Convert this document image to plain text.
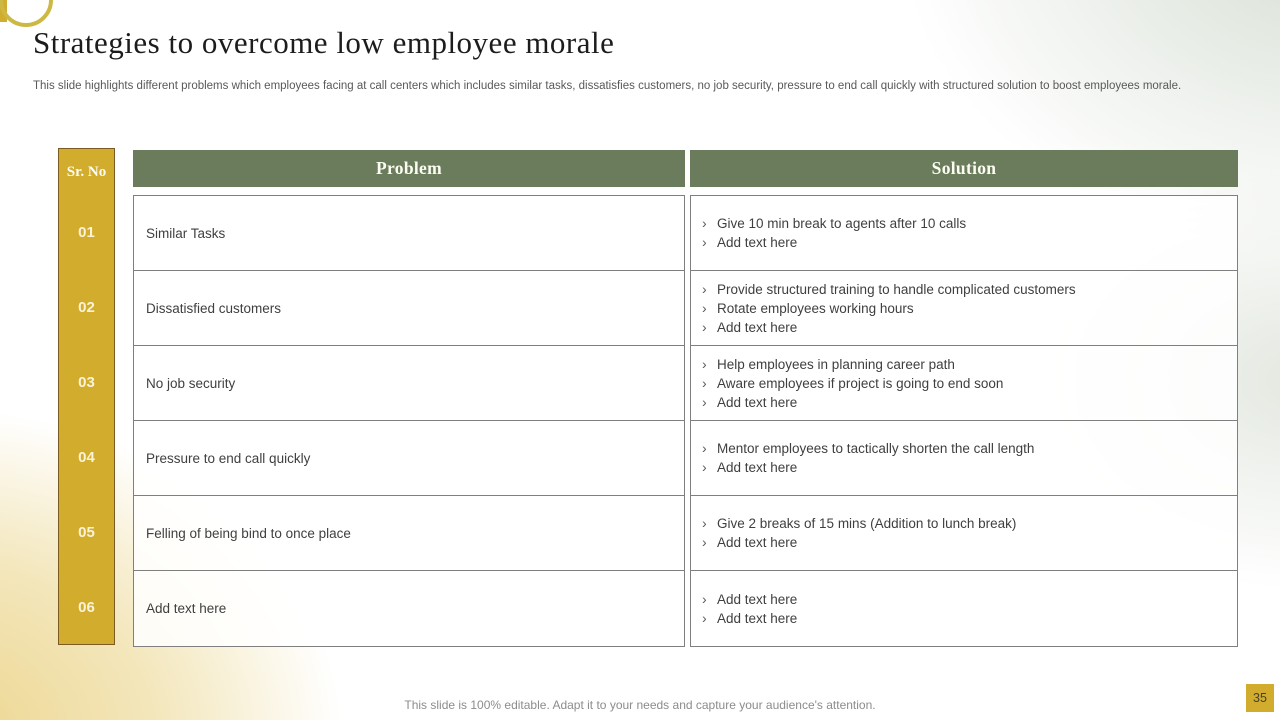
Strategies to overcome low employee morale

This slide highlights different problems which employees facing at call centers which includes similar tasks, dissatisfies customers, no job security, pressure to end call quickly with structured solution to boost employees morale.

Sr. No
01
02
03
04
05
06
Problem
Similar Tasks
Dissatisfied customers
No job security
Pressure to end call quickly
Felling of being bind to once place
Add text here
Solution
› Give 10 min break to agents after 10 calls
› Add text here
› Provide structured training to handle complicated customers
› Rotate employees working hours
› Add text here
› Help employees in planning career path
› Aware employees if project is going to end soon
› Add text here
› Mentor employees to tactically shorten the call length
› Add text here
› Give 2 breaks of 15 mins (Addition to lunch break)
› Add text here
› Add text here
› Add text here
This slide is 100% editable. Adapt it to your needs and capture your audience's attention.	35
